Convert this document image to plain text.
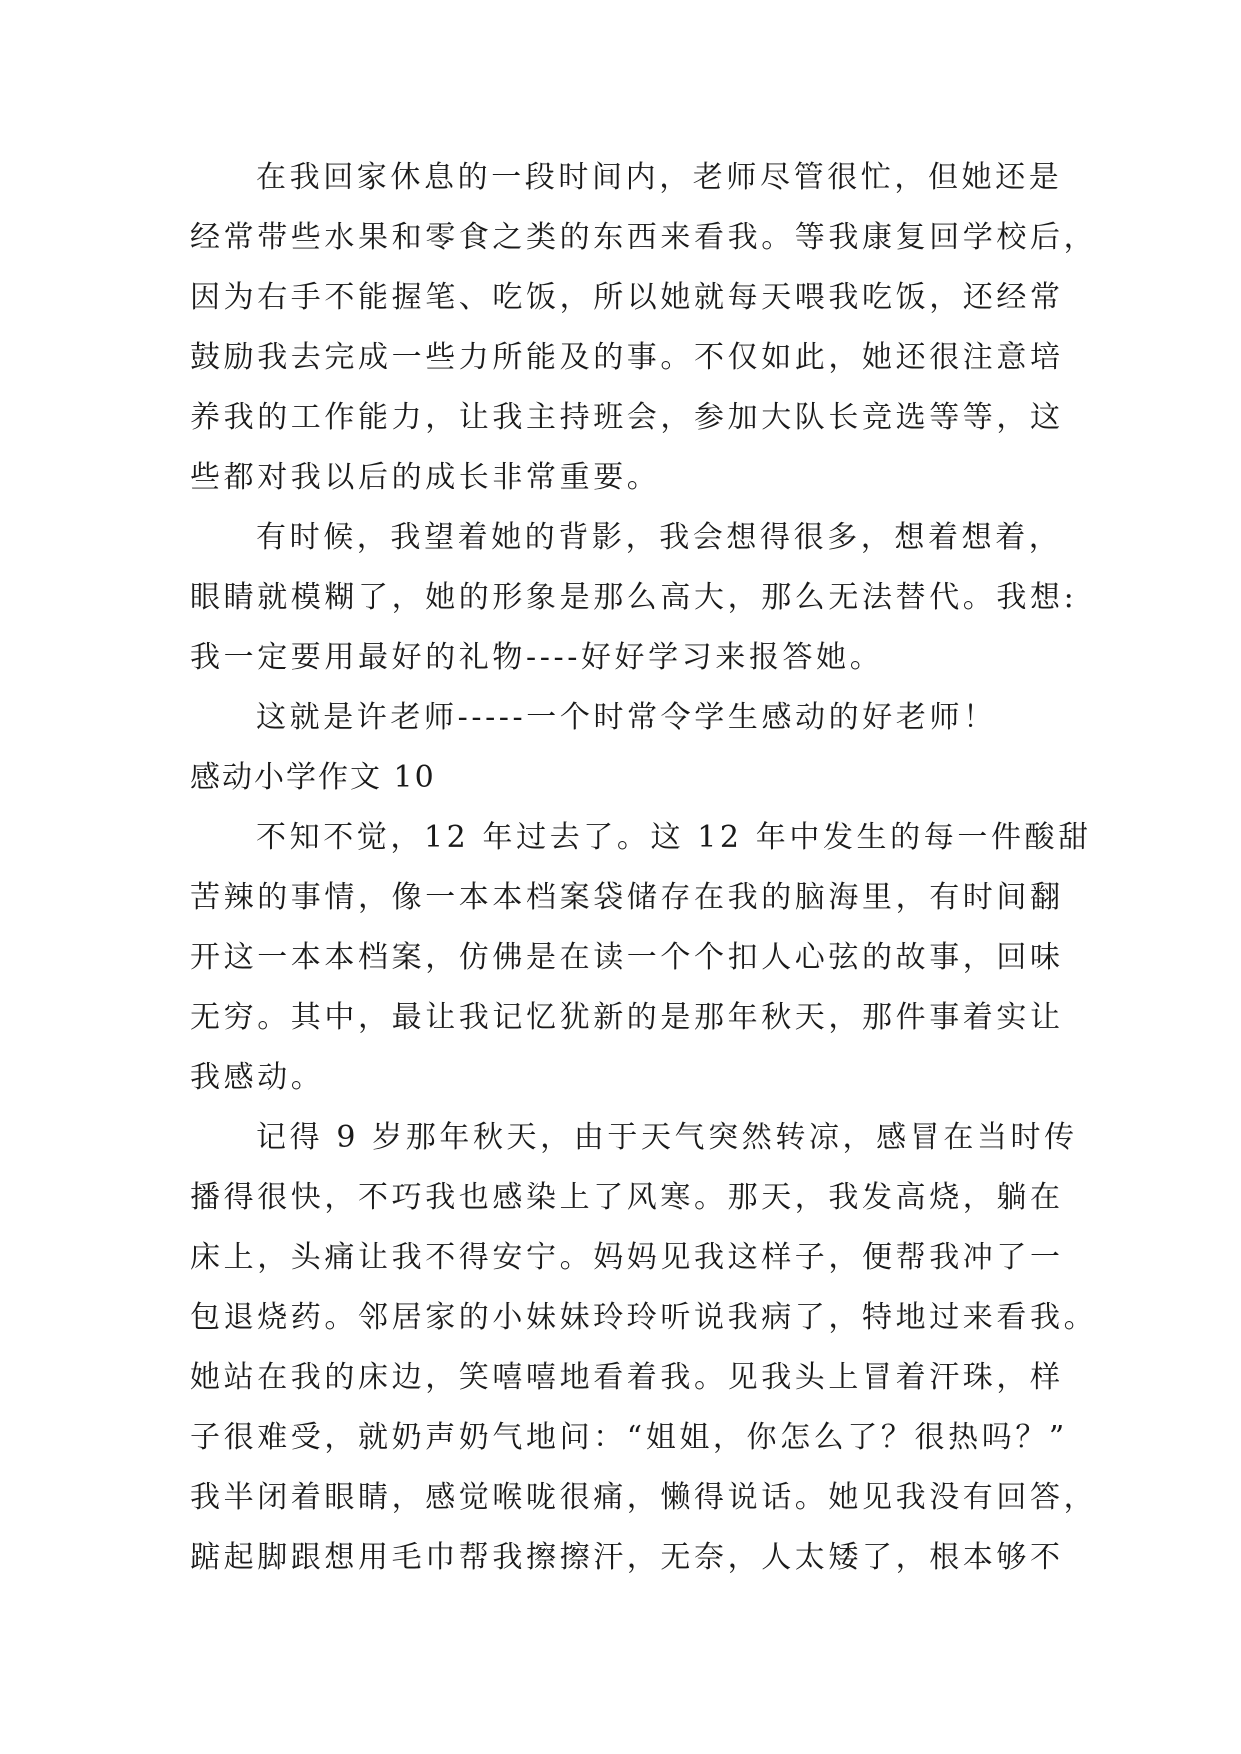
在我回家休息的一段时间内，老师尽管很忙，但她还是
经常带些水果和零食之类的东西来看我。等我康复回学校后，
因为右手不能握笔、吃饭，所以她就每天喂我吃饭，还经常
鼓励我去完成一些力所能及的事。不仅如此，她还很注意培
养我的工作能力，让我主持班会，参加大队长竞选等等，这
些都对我以后的成长非常重要。
有时候，我望着她的背影，我会想得很多，想着想着，
眼睛就模糊了，她的形象是那么高大，那么无法替代。我想:
我一定要用最好的礼物----好好学习来报答她。
这就是许老师-----一个时常令学生感动的好老师！
感动小学作文 10
不知不觉，12 年过去了。这 12 年中发生的每一件酸甜
苦辣的事情，像一本本档案袋储存在我的脑海里，有时间翻
开这一本本档案，仿佛是在读一个个扣人心弦的故事，回味
无穷。其中，最让我记忆犹新的是那年秋天，那件事着实让
我感动。
记得 9 岁那年秋天，由于天气突然转凉，感冒在当时传
播得很快，不巧我也感染上了风寒。那天，我发高烧，躺在
床上，头痛让我不得安宁。妈妈见我这样子，便帮我冲了一
包退烧药。邻居家的小妹妹玲玲听说我病了，特地过来看我。
她站在我的床边，笑嘻嘻地看着我。见我头上冒着汗珠，样
子很难受，就奶声奶气地问：“姐姐，你怎么了？很热吗？”
我半闭着眼睛，感觉喉咙很痛，懒得说话。她见我没有回答，
踮起脚跟想用毛巾帮我擦擦汗，无奈，人太矮了，根本够不
